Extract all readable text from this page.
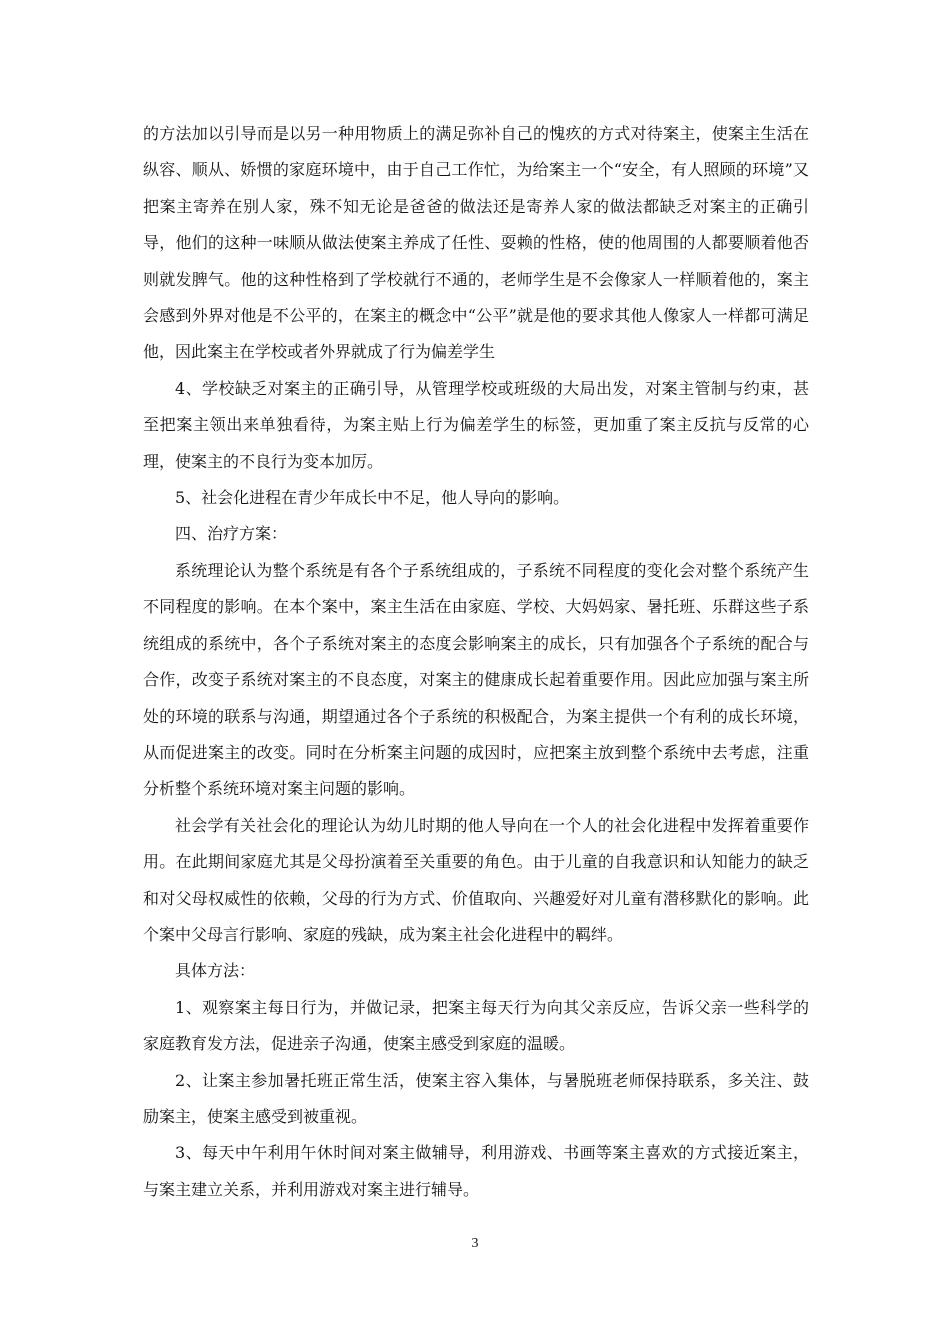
的方法加以引导而是以另一种用物质上的满足弥补自己的愧疚的方式对待案主，使案主生活在纵容、顺从、娇惯的家庭环境中，由于自己工作忙，为给案主一个“安全，有人照顾的环境”又把案主寄养在别人家，殊不知无论是爸爸的做法还是寄养人家的做法都缺乏对案主的正确引导，他们的这种一味顺从做法使案主养成了任性、耍赖的性格，使的他周围的人都要顺着他否则就发脾气。他的这种性格到了学校就行不通的，老师学生是不会像家人一样顺着他的，案主会感到外界对他是不公平的，在案主的概念中“公平”就是他的要求其他人像家人一样都可满足他，因此案主在学校或者外界就成了行为偏差学生

4、学校缺乏对案主的正确引导，从管理学校或班级的大局出发，对案主管制与约束，甚至把案主领出来单独看待，为案主贴上行为偏差学生的标签，更加重了案主反抗与反常的心理，使案主的不良行为变本加厉。

5、社会化进程在青少年成长中不足，他人导向的影响。

四、治疗方案：

系统理论认为整个系统是有各个子系统组成的，子系统不同程度的变化会对整个系统产生不同程度的影响。在本个案中，案主生活在由家庭、学校、大妈妈家、暑托班、乐群这些子系统组成的系统中，各个子系统对案主的态度会影响案主的成长，只有加强各个子系统的配合与合作，改变子系统对案主的不良态度，对案主的健康成长起着重要作用。因此应加强与案主所处的环境的联系与沟通，期望通过各个子系统的积极配合，为案主提供一个有利的成长环境，从而促进案主的改变。同时在分析案主问题的成因时，应把案主放到整个系统中去考虑，注重分析整个系统环境对案主问题的影响。

社会学有关社会化的理论认为幼儿时期的他人导向在一个人的社会化进程中发挥着重要作用。在此期间家庭尤其是父母扮演着至关重要的角色。由于儿童的自我意识和认知能力的缺乏和对父母权威性的依赖，父母的行为方式、价值取向、兴趣爱好对儿童有潜移默化的影响。此个案中父母言行影响、家庭的残缺，成为案主社会化进程中的羁绊。

具体方法：

1、观察案主每日行为，并做记录，把案主每天行为向其父亲反应，告诉父亲一些科学的家庭教育发方法，促进亲子沟通，使案主感受到家庭的温暖。

2、让案主参加暑托班正常生活，使案主容入集体，与暑脱班老师保持联系，多关注、鼓励案主，使案主感受到被重视。

3、每天中午利用午休时间对案主做辅导，利用游戏、书画等案主喜欢的方式接近案主，与案主建立关系，并利用游戏对案主进行辅导。

3
